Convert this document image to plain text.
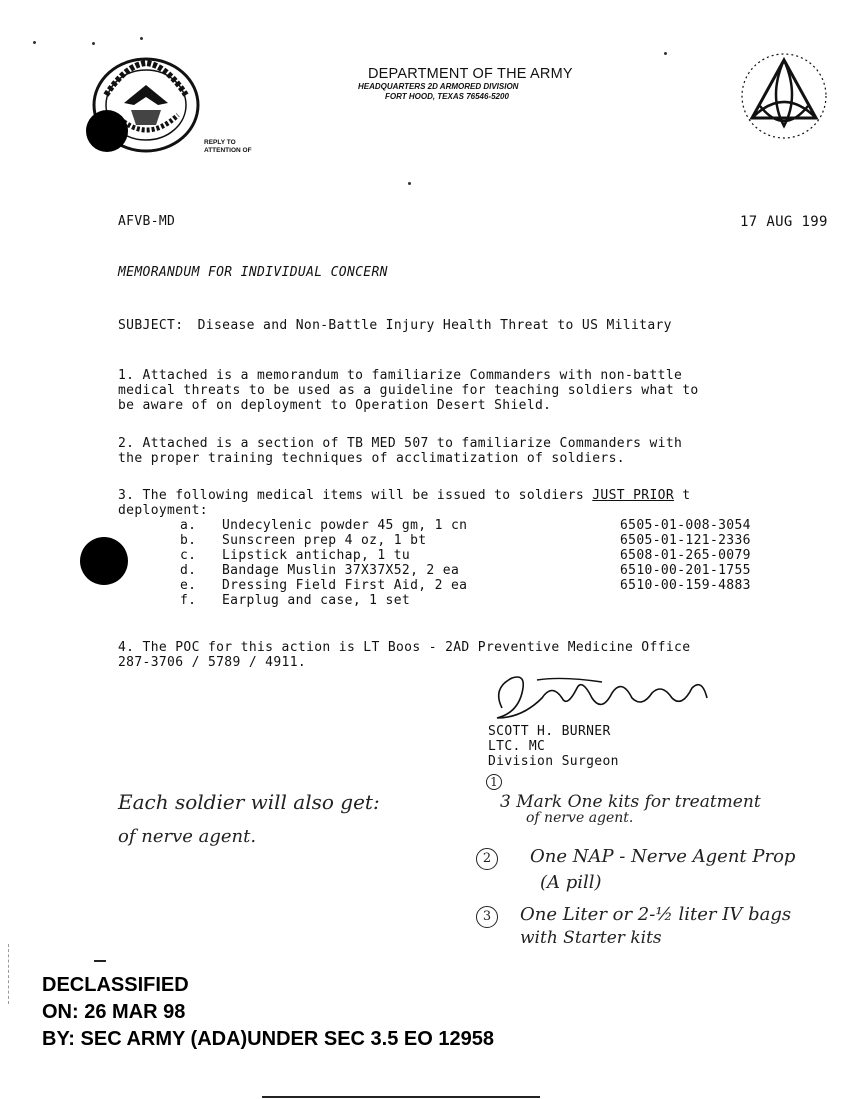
DEPARTMENT OF THE ARMY
HEADQUARTERS 2D ARMORED DIVISION
FORT HOOD, TEXAS 76546-5200
REPLY TO
ATTENTION OF
AFVB-MD	17 AUG 199
MEMORANDUM FOR INDIVIDUAL CONCERN
SUBJECT: Disease and Non-Battle Injury Health Threat to US Military
1. Attached is a memorandum to familiarize Commanders with non-battle
medical threats to be used as a guideline for teaching soldiers what to
be aware of on deployment to Operation Desert Shield.
2. Attached is a section of TB MED 507 to familiarize Commanders with
the proper training techniques of acclimatization of soldiers.
3. The following medical items will be issued to soldiers JUST PRIOR t
deployment:
a.	Undecylenic powder 45 gm, 1 cn	6505-01-008-3054
b.	Sunscreen prep 4 oz, 1 bt	6505-01-121-2336
c.	Lipstick antichap, 1 tu	6508-01-265-0079
d.	Bandage Muslin 37X37X52, 2 ea	6510-00-201-1755
e.	Dressing Field First Aid, 2 ea	6510-00-159-4883
f.	Earplug and case, 1 set	
4. The POC for this action is LT Boos - 2AD Preventive Medicine Office
287-3706 / 5789 / 4911.
SCOTT H. BURNER
LTC. MC
Division Surgeon
Each soldier will also get:
1
3 Mark One kits for treatment
of nerve agent.
of nerve agent.
2	One NAP - Nerve Agent Prop
(A pill)
3	One Liter or 2-½ liter IV bags
with Starter kits
DECLASSIFIED
ON: 26 MAR 98
BY: SEC ARMY (ADA)UNDER SEC 3.5 EO 12958
